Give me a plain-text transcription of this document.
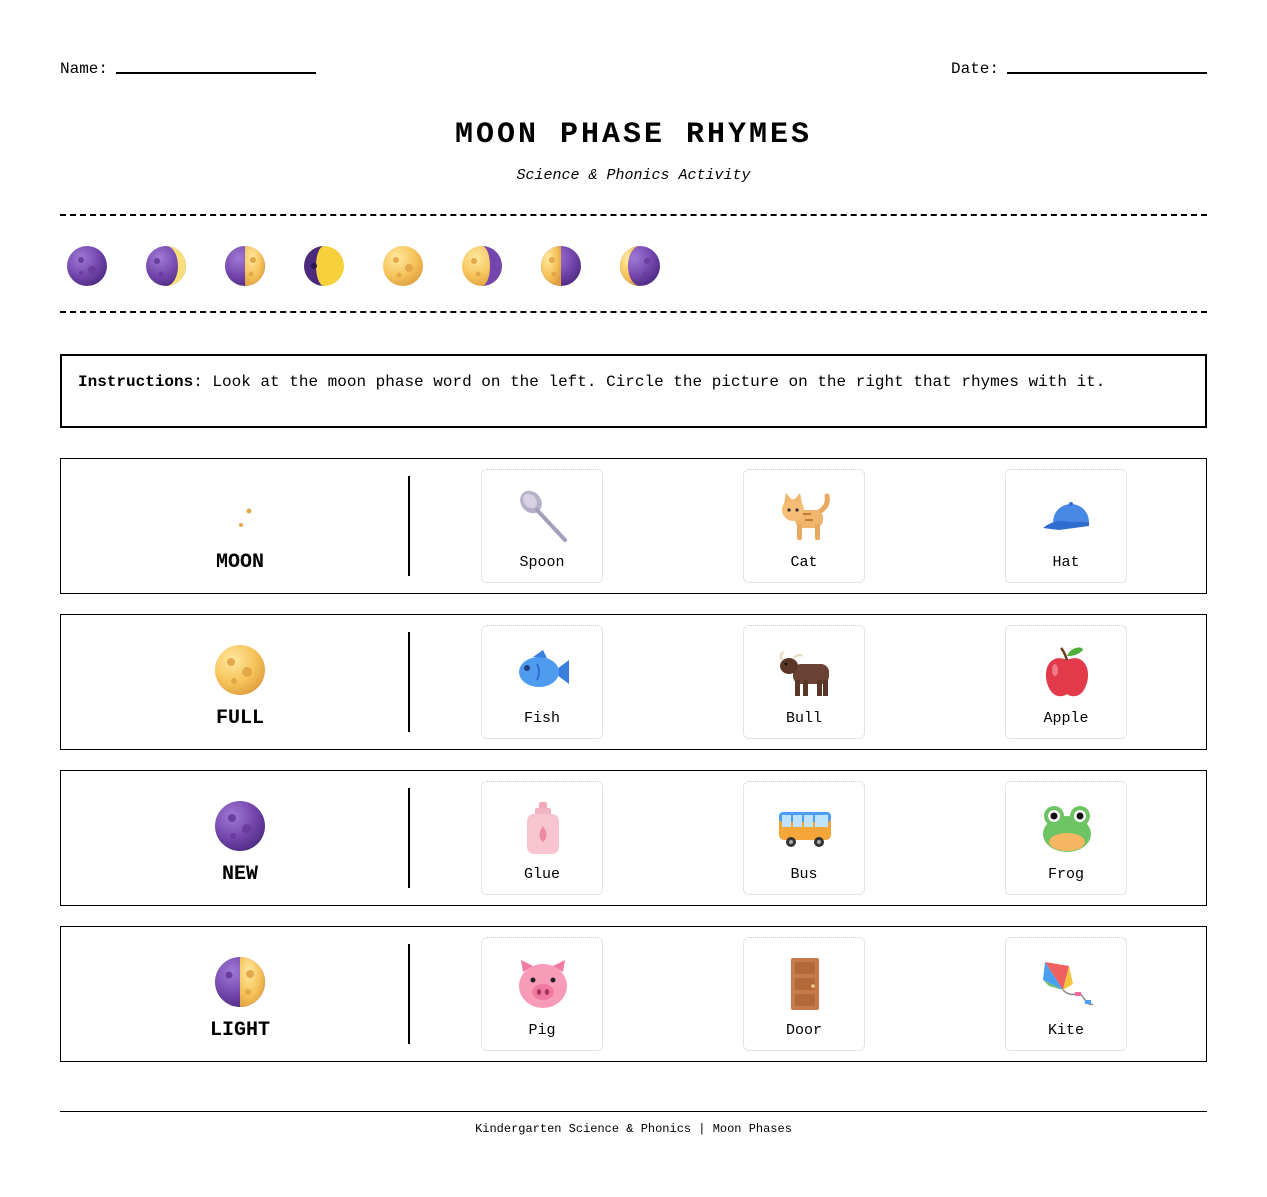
Name:	Date:
MOON PHASE RHYMES
Science & Phonics Activity
Instructions: Look at the moon phase word on the left. Circle the picture on the right that rhymes with it.
MOON	Spoon	Cat	Hat
FULL	Fish	Bull	Apple
NEW	Glue	Bus	Frog
LIGHT	Pig	Door	Kite
Kindergarten Science & Phonics | Moon Phases
